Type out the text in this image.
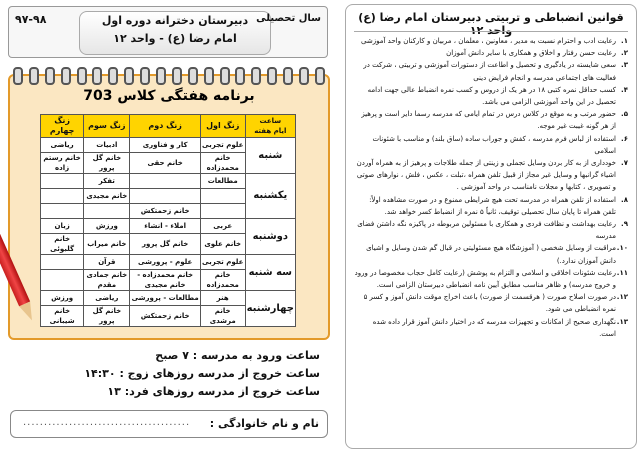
۹۷-۹۸	دبیرستان دخترانه دوره اول
امام رضا (ع) - واحد ۱۲
سال تحصیلی
برنامه هفتگی کلاس 703
ساعت
ایام هفته	زنگ اول	زنگ دوم	زنگ سوم	زنگ چهارم
شنبه	علوم تجربی	کار و فناوری	ادبیات	ریاضی
	خانم محمدزاده	خانم حقی	خانم گل پرور	خانم رستم زاده
یکشنبه	مطالعات		تفکر	
			خانم مجیدی	
		خانم زحمتکش		
دوشنبه	عربی	املاء - انشاء	ورزش	زبان
	خانم علوی	خانم گل پرور	خانم میراب	خانم گلبوئی
سه شنبه	علوم تجربی	علوم - پرورشی	قرآن	
	خانم محمدزاده	خانم محمدزاده - خانم مجیدی	خانم جمادی مقدم	
چهارشنبه	هنر	مطالعات - پرورشی	ریاضی	ورزش
	خانم مرشدی	خانم زحمتکش	خانم گل پرور	خانم شیبانی
ساعت ورود به مدرسه : ۷ صبح
ساعت خروج از مدرسه روزهای زوج : ۱۴:۳۰
ساعت خروج از مدرسه روزهای فرد: ۱۳
نام و نام خانوادگی :
........................................
قوانین انضباطی و تربیتی دبیرستان امام رضا (ع) واحد ۱۲
۱.
رعایت ادب و احترام نسبت به مدیر ، معاونین ، معلمان ، مربیان و کارکنان واحد آموزشی
۲.
رعایت حسن رفتار و اخلاق و همکاری با سایر دانش آموزان
۳.
سعی شایسته در یادگیری و تحصیل و اطاعت از دستورات آموزشی و تربیتی ، شرکت در فعالیت های اجتماعی مدرسه و انجام فرایض دینی
۴.
کسب حداقل نمره کتبی ۱۸ در هر یک از دروس و کسب نمره انضباط عالی جهت ادامه تحصیل در این واحد آموزشی الزامی می باشد.
۵.
حضور مرتب و به موقع در کلاس درس در تمام ایامی که مدرسه رسما دایر است و پرهیز از هر گونه غیبت غیر موجه.
۶.
استفاده از لباس فرم مدرسه ، کفش و جوراب ساده (ساق بلند) و مناسب با شئونات اسلامی
۷.
خودداری از به کار بردن وسایل تجملی و زینتی از جمله طلاجات و پرهیز از به همراه آوردن اشیاء گرانبها و وسایل غیر مجاز از قبیل تلفن همراه ،تبلت ، عکس ، فلش ، نوارهای صوتی و تصویری ، کتابها و مجلات نامناسب در واحد آموزشی .
۸.
استفاده از تلفن همراه در مدرسه تحت هیچ شرایطی ممنوع و در صورت مشاهده اولاً: تلفن همراه تا پایان سال تحصیلی توقیف، ثانیاً ۵ نمره از انضباط کسر خواهد شد.
۹.
رعایت بهداشت و نظافت فردی و همکاری با مسئولین مربوطه در پاکیزه نگه داشتن فضای مدرسه
۱۰.
مراقبت از وسایل شخصی ( آموزشگاه هیچ مسئولیتی در قبال گم شدن وسایل و اشیای دانش آموزان ندارد.)
۱۱.
رعایت شئونات اخلاقی و اسلامی و التزام به پوشش (رعایت کامل حجاب مخصوصا در ورود و خروج مدرسه) و ظاهر مناسب مطابق آیین نامه انضباطی دبیرستان الزامی است.
۱۲.
در صورت اصلاح صورت ( هرقسمت از صورت) باعث اخراج موقت دانش آموز و کسر ۵ نمره انضباطی می شود.
۱۳.
نگهداری صحیح از امکانات و تجهیزات مدرسه که در اختیار دانش آموز قرار داده شده است.
